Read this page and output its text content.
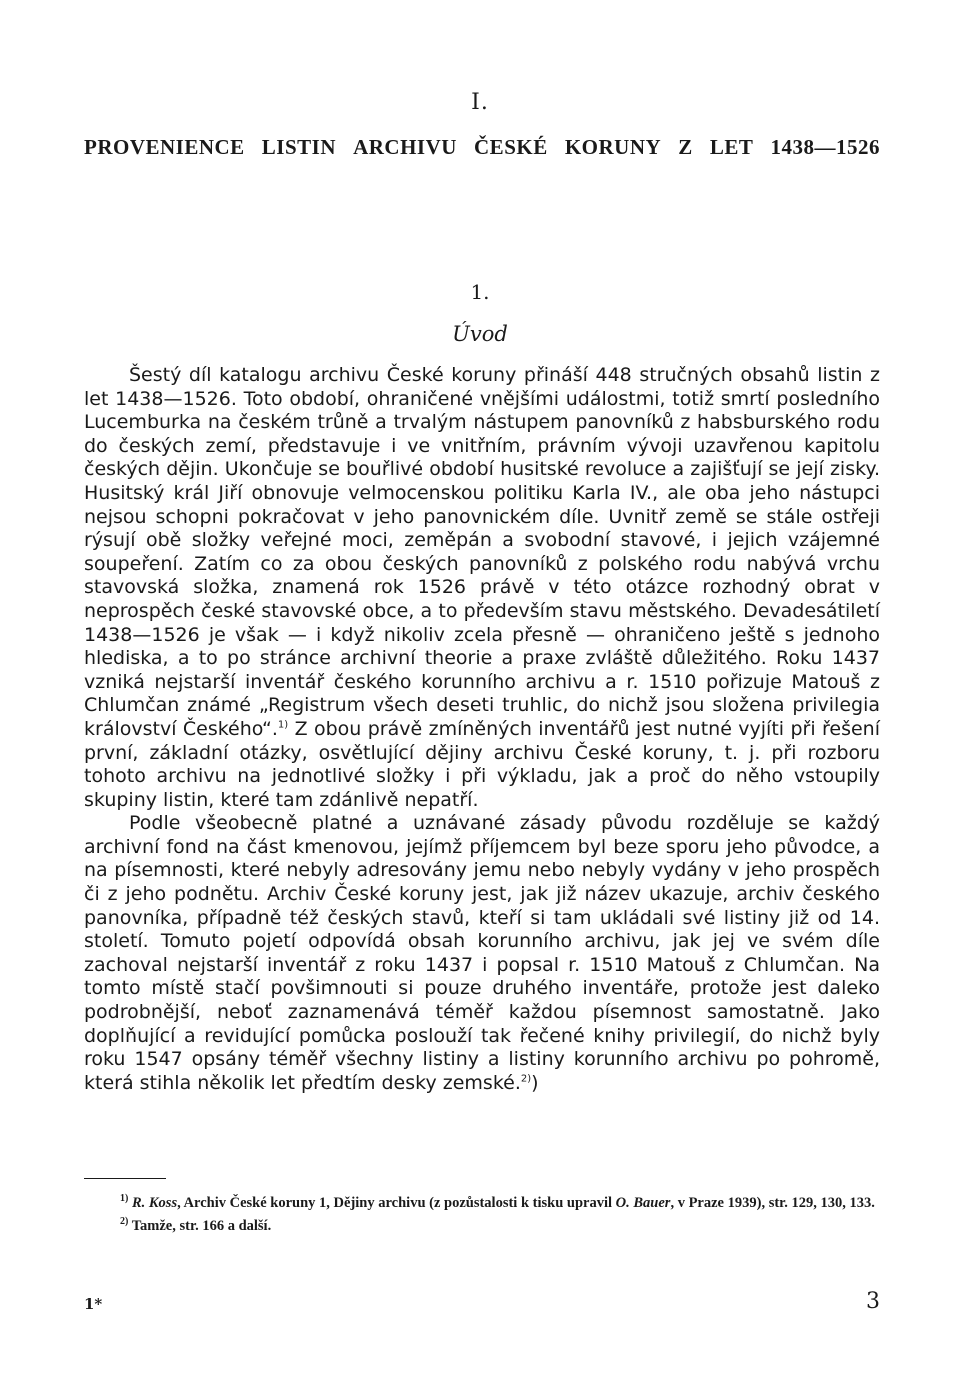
I.
PROVENIENCE LISTIN ARCHIVU ČESKÉ KORUNY Z LET 1438—1526
1.
Úvod

Šestý díl katalogu archivu České koruny přináší 448 stručných obsahů listin z let 1438—1526. Toto období, ohraničené vnějšími událostmi, totiž smrtí posledního Lucemburka na českém trůně a trvalým nástupem panovníků z habsburského rodu do českých zemí, představuje i ve vnitřním, právním vývoji uzavřenou kapitolu českých dějin. Ukončuje se bouřlivé období husitské revoluce a zajišťují se její zisky. Husitský král Jiří obnovuje velmocenskou politiku Karla IV., ale oba jeho nástupci nejsou schopni pokračovat v jeho panovnickém díle. Uvnitř země se stále ostřeji rýsují obě složky veřejné moci, zeměpán a svobodní stavové, i jejich vzájemné soupeření. Zatím co za obou českých panovníků z polského rodu nabývá vrchu stavovská složka, znamená rok 1526 právě v této otázce rozhodný obrat v neprospěch české stavovské obce, a to především stavu městského. Devadesátiletí 1438—1526 je však — i když nikoliv zcela přesně — ohraničeno ještě s jednoho hlediska, a to po stránce archivní theorie a praxe zvláště důležitého. Roku 1437 vzniká nejstarší inventář českého korunního archivu a r. 1510 pořizuje Matouš z Chlumčan známé „Registrum všech deseti truhlic, do nichž jsou složena privilegia království Českého“.$^{1)}$ Z obou právě zmíněných inventářů jest nutné vyjíti při řešení první, základní otázky, osvětlující dějiny archivu České koruny, t. j. při rozboru tohoto archivu na jednotlivé složky i při výkladu, jak a proč do něho vstoupily skupiny listin, které tam zdánlivě nepatří.

Podle všeobecně platné a uznávané zásady původu rozděluje se každý archivní fond na část kmenovou, jejímž příjemcem byl beze sporu jeho původce, a na písemnosti, které nebyly adresovány jemu nebo nebyly vydány v jeho prospěch či z jeho podnětu. Archiv České koruny jest, jak již název ukazuje, archiv českého panovníka, případně též českých stavů, kteří si tam ukládali své listiny již od 14. století. Tomuto pojetí odpovídá obsah korunního archivu, jak jej ve svém díle zachoval nejstarší inventář z roku 1437 i popsal r. 1510 Matouš z Chlumčan. Na tomto místě stačí povšimnouti si pouze druhého inventáře, protože jest daleko podrobnější, neboť zaznamenává téměř každou písemnost samostatně. Jako doplňující a revidující pomůcka poslouží tak řečené knihy privilegií, do nichž byly roku 1547 opsány téměř všechny listiny a listiny korunního archivu po pohromě, která stihla několik let předtím desky zemské.$^{2)}$)

$^{1)}$ R. Koss, Archiv České koruny 1, Dějiny archivu (z pozůstalosti k tisku upravil O. Bauer, v Praze 1939), str. 129, 130, 133.

$^{2)}$ Tamže, str. 166 a další.

1*	3
